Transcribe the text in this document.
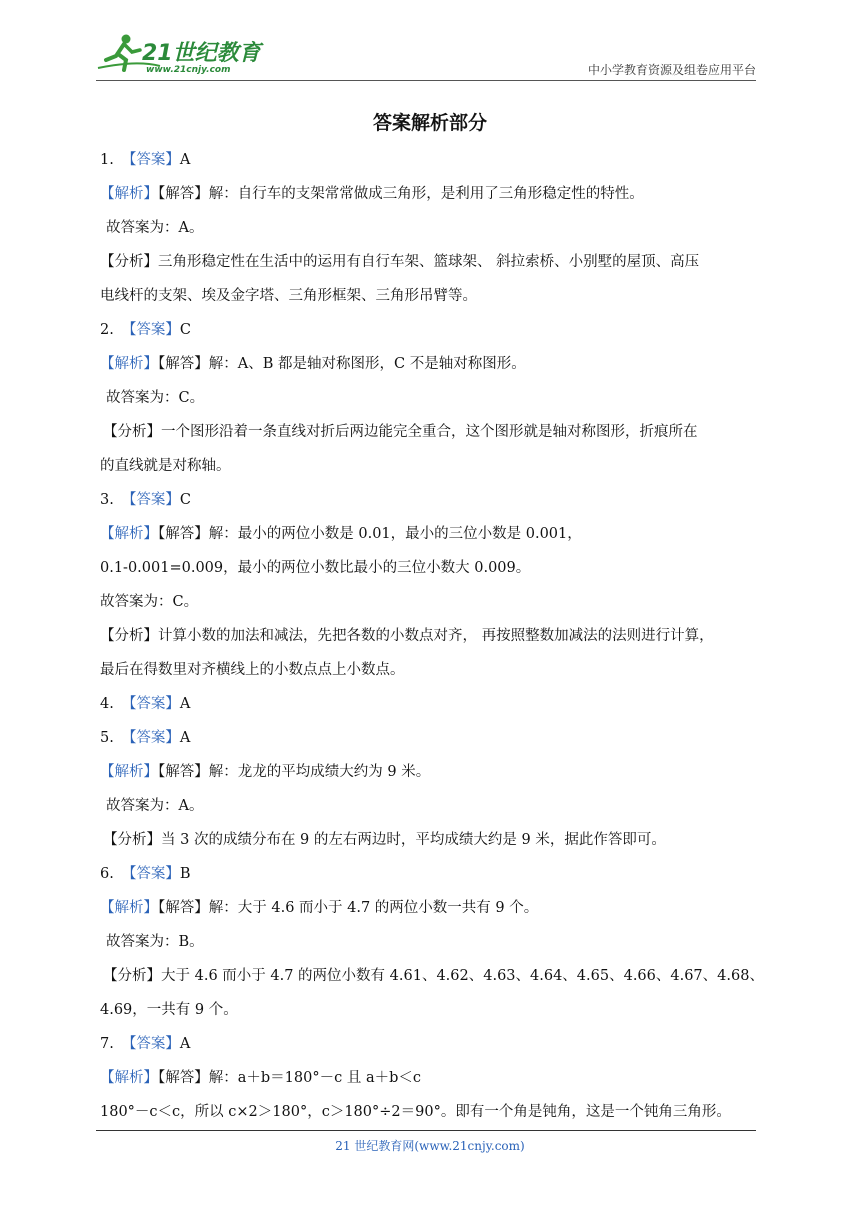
21世纪教育
www.21cnjy.com	中小学教育资源及组卷应用平台
答案解析部分
1. 【答案】A
【解析】【解答】解：自行车的支架常常做成三角形，是利用了三角形稳定性的特性。
故答案为：A。
【分析】三角形稳定性在生活中的运用有自行车架、篮球架、 斜拉索桥、小别墅的屋顶、高压
电线杆的支架、埃及金字塔、三角形框架、三角形吊臂等。
2. 【答案】C
【解析】【解答】解：A、B 都是轴对称图形，C 不是轴对称图形。
故答案为：C。
【分析】一个图形沿着一条直线对折后两边能完全重合，这个图形就是轴对称图形，折痕所在
的直线就是对称轴。
3. 【答案】C
【解析】【解答】解：最小的两位小数是 0.01，最小的三位小数是 0.001，
0.1-0.001=0.009，最小的两位小数比最小的三位小数大 0.009。
故答案为：C。
【分析】计算小数的加法和减法，先把各数的小数点对齐， 再按照整数加减法的法则进行计算，
最后在得数里对齐横线上的小数点点上小数点。
4. 【答案】A
5. 【答案】A
【解析】【解答】解：龙龙的平均成绩大约为 9 米。
故答案为：A。
【分析】当 3 次的成绩分布在 9 的左右两边时，平均成绩大约是 9 米，据此作答即可。
6. 【答案】B
【解析】【解答】解：大于 4.6 而小于 4.7 的两位小数一共有 9 个。
故答案为：B。
【分析】大于 4.6 而小于 4.7 的两位小数有 4.61、4.62、4.63、4.64、4.65、4.66、4.67、4.68、
4.69，一共有 9 个。
7. 【答案】A
【解析】【解答】解：a＋b＝180°－c 且 a＋b＜c
180°－c＜c，所以 c×2＞180°，c＞180°÷2＝90°。即有一个角是钝角，这是一个钝角三角形。
21 世纪教育网(www.21cnjy.com)
